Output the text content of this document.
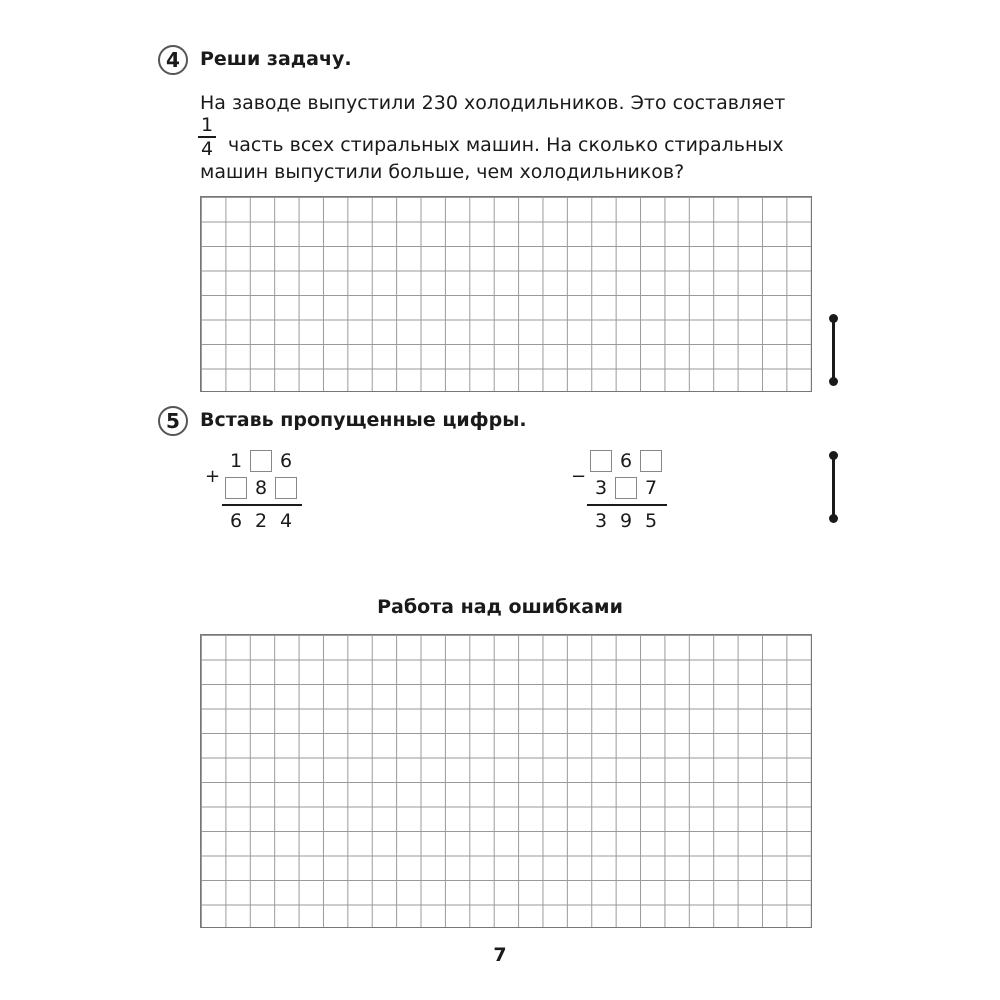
4	Реши задачу.
На заводе выпустили 230 холодильников. Это составляет
1
4 часть всех стиральных машин. На сколько стиральных
машин выпустили больше, чем холодильников?
5	Вставь пропущенные цифры.
+
1 6
8
6 2 4
−
6
3 7
3 9 5
Работа над ошибками
7
